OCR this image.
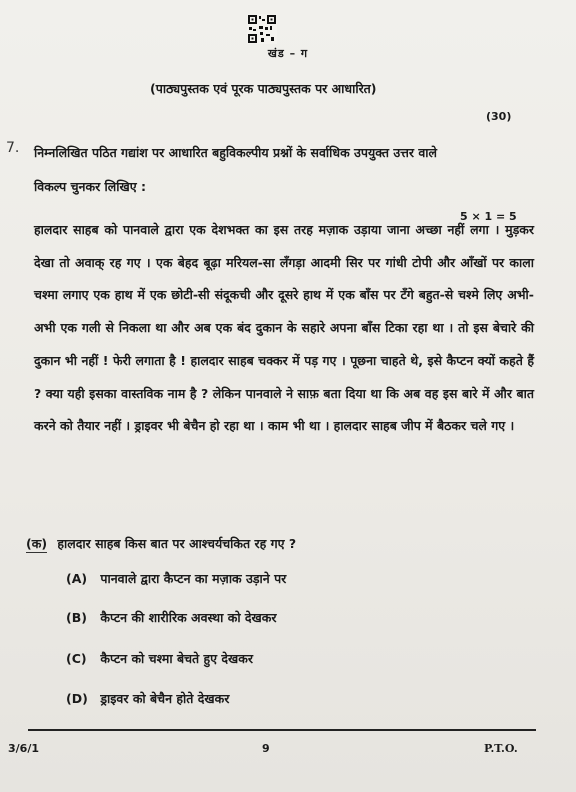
खंड – ग
(पाठ्यपुस्तक एवं पूरक पाठ्यपुस्तक पर आधारित)
(30)
7. निम्नलिखित पठित गद्यांश पर आधारित बहुविकल्पीय प्रश्नों के सर्वाधिक उपयुक्त उत्तर वाले
विकल्प चुनकर लिखिए :
5 × 1 = 5
हालदार साहब को पानवाले द्वारा एक देशभक्त का इस तरह मज़ाक उड़ाया जाना अच्छा नहीं लगा । मुड़कर देखा तो अवाक् रह गए । एक बेहद बूढ़ा मरियल-सा लँगड़ा आदमी सिर पर गांधी टोपी और आँखों पर काला चश्मा लगाए एक हाथ में एक छोटी-सी संदूकची और दूसरे हाथ में एक बाँस पर टँगे बहुत-से चश्मे लिए अभी-अभी एक गली से निकला था और अब एक बंद दुकान के सहारे अपना बाँस टिका रहा था । तो इस बेचारे की दुकान भी नहीं ! फेरी लगाता है ! हालदार साहब चक्कर में पड़ गए । पूछना चाहते थे, इसे कैप्टन क्यों कहते हैं ? क्या यही इसका वास्तविक नाम है ? लेकिन पानवाले ने साफ़ बता दिया था कि अब वह इस बारे में और बात करने को तैयार नहीं । ड्राइवर भी बेचैन हो रहा था । काम भी था । हालदार साहब जीप में बैठकर चले गए ।
(क) हालदार साहब किस बात पर आश्चर्यचकित रह गए ?
(A) पानवाले द्वारा कैप्टन का मज़ाक उड़ाने पर
(B) कैप्टन की शारीरिक अवस्था को देखकर
(C) कैप्टन को चश्मा बेचते हुए देखकर
(D) ड्राइवर को बेचैन होते देखकर
3/6/1	9	P.T.O.
